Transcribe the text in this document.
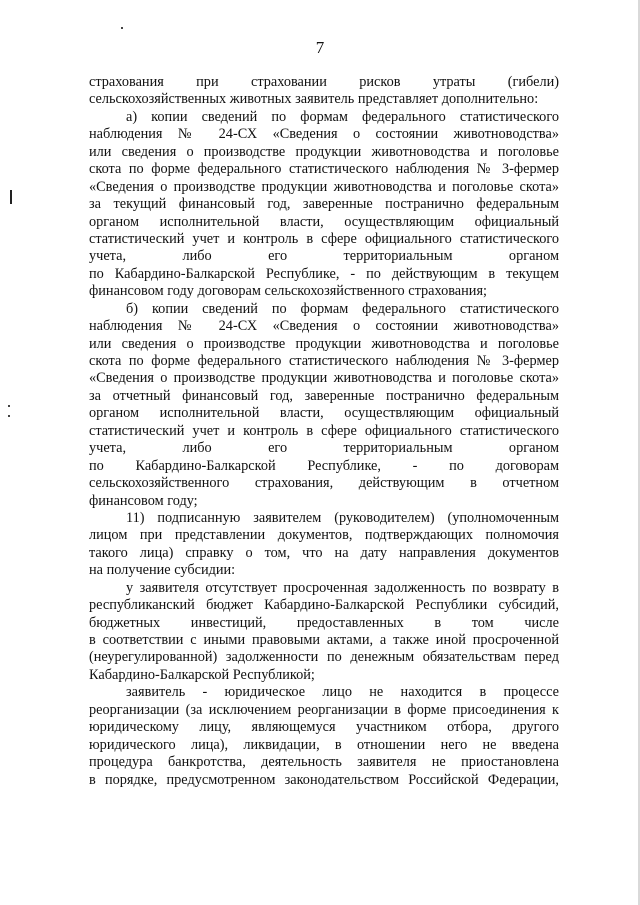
7
страхования при страховании рисков утраты (гибели)
сельскохозяйственных животных заявитель представляет дополнительно:
а) копии сведений по формам федерального статистического
наблюдения № 24-СХ «Сведения о состоянии животноводства»
или сведения о производстве продукции животноводства и поголовье
скота по форме федерального статистического наблюдения № 3-фермер
«Сведения о производстве продукции животноводства и поголовье скота»
за текущий финансовый год, заверенные постранично федеральным
органом исполнительной власти, осуществляющим официальный
статистический учет и контроль в сфере официального статистического
учета, либо его территориальным органом
по Кабардино-Балкарской Республике, - по действующим в текущем
финансовом году договорам сельскохозяйственного страхования;
б) копии сведений по формам федерального статистического
наблюдения № 24-СХ «Сведения о состоянии животноводства»
или сведения о производстве продукции животноводства и поголовье
скота по форме федерального статистического наблюдения № 3-фермер
«Сведения о производстве продукции животноводства и поголовье скота»
за отчетный финансовый год, заверенные постранично федеральным
органом исполнительной власти, осуществляющим официальный
статистический учет и контроль в сфере официального статистического
учета, либо его территориальным органом
по Кабардино-Балкарской Республике, - по договорам
сельскохозяйственного страхования, действующим в отчетном
финансовом году;
11) подписанную заявителем (руководителем) (уполномоченным
лицом при представлении документов, подтверждающих полномочия
такого лица) справку о том, что на дату направления документов
на получение субсидии:
у заявителя отсутствует просроченная задолженность по возврату в
республиканский бюджет Кабардино-Балкарской Республики субсидий,
бюджетных инвестиций, предоставленных в том числе
в соответствии с иными правовыми актами, а также иной просроченной
(неурегулированной) задолженности по денежным обязательствам перед
Кабардино-Балкарской Республикой;
заявитель - юридическое лицо не находится в процессе
реорганизации (за исключением реорганизации в форме присоединения к
юридическому лицу, являющемуся участником отбора, другого
юридического лица), ликвидации, в отношении него не введена
процедура банкротства, деятельность заявителя не приостановлена
в порядке, предусмотренном законодательством Российской Федерации,
